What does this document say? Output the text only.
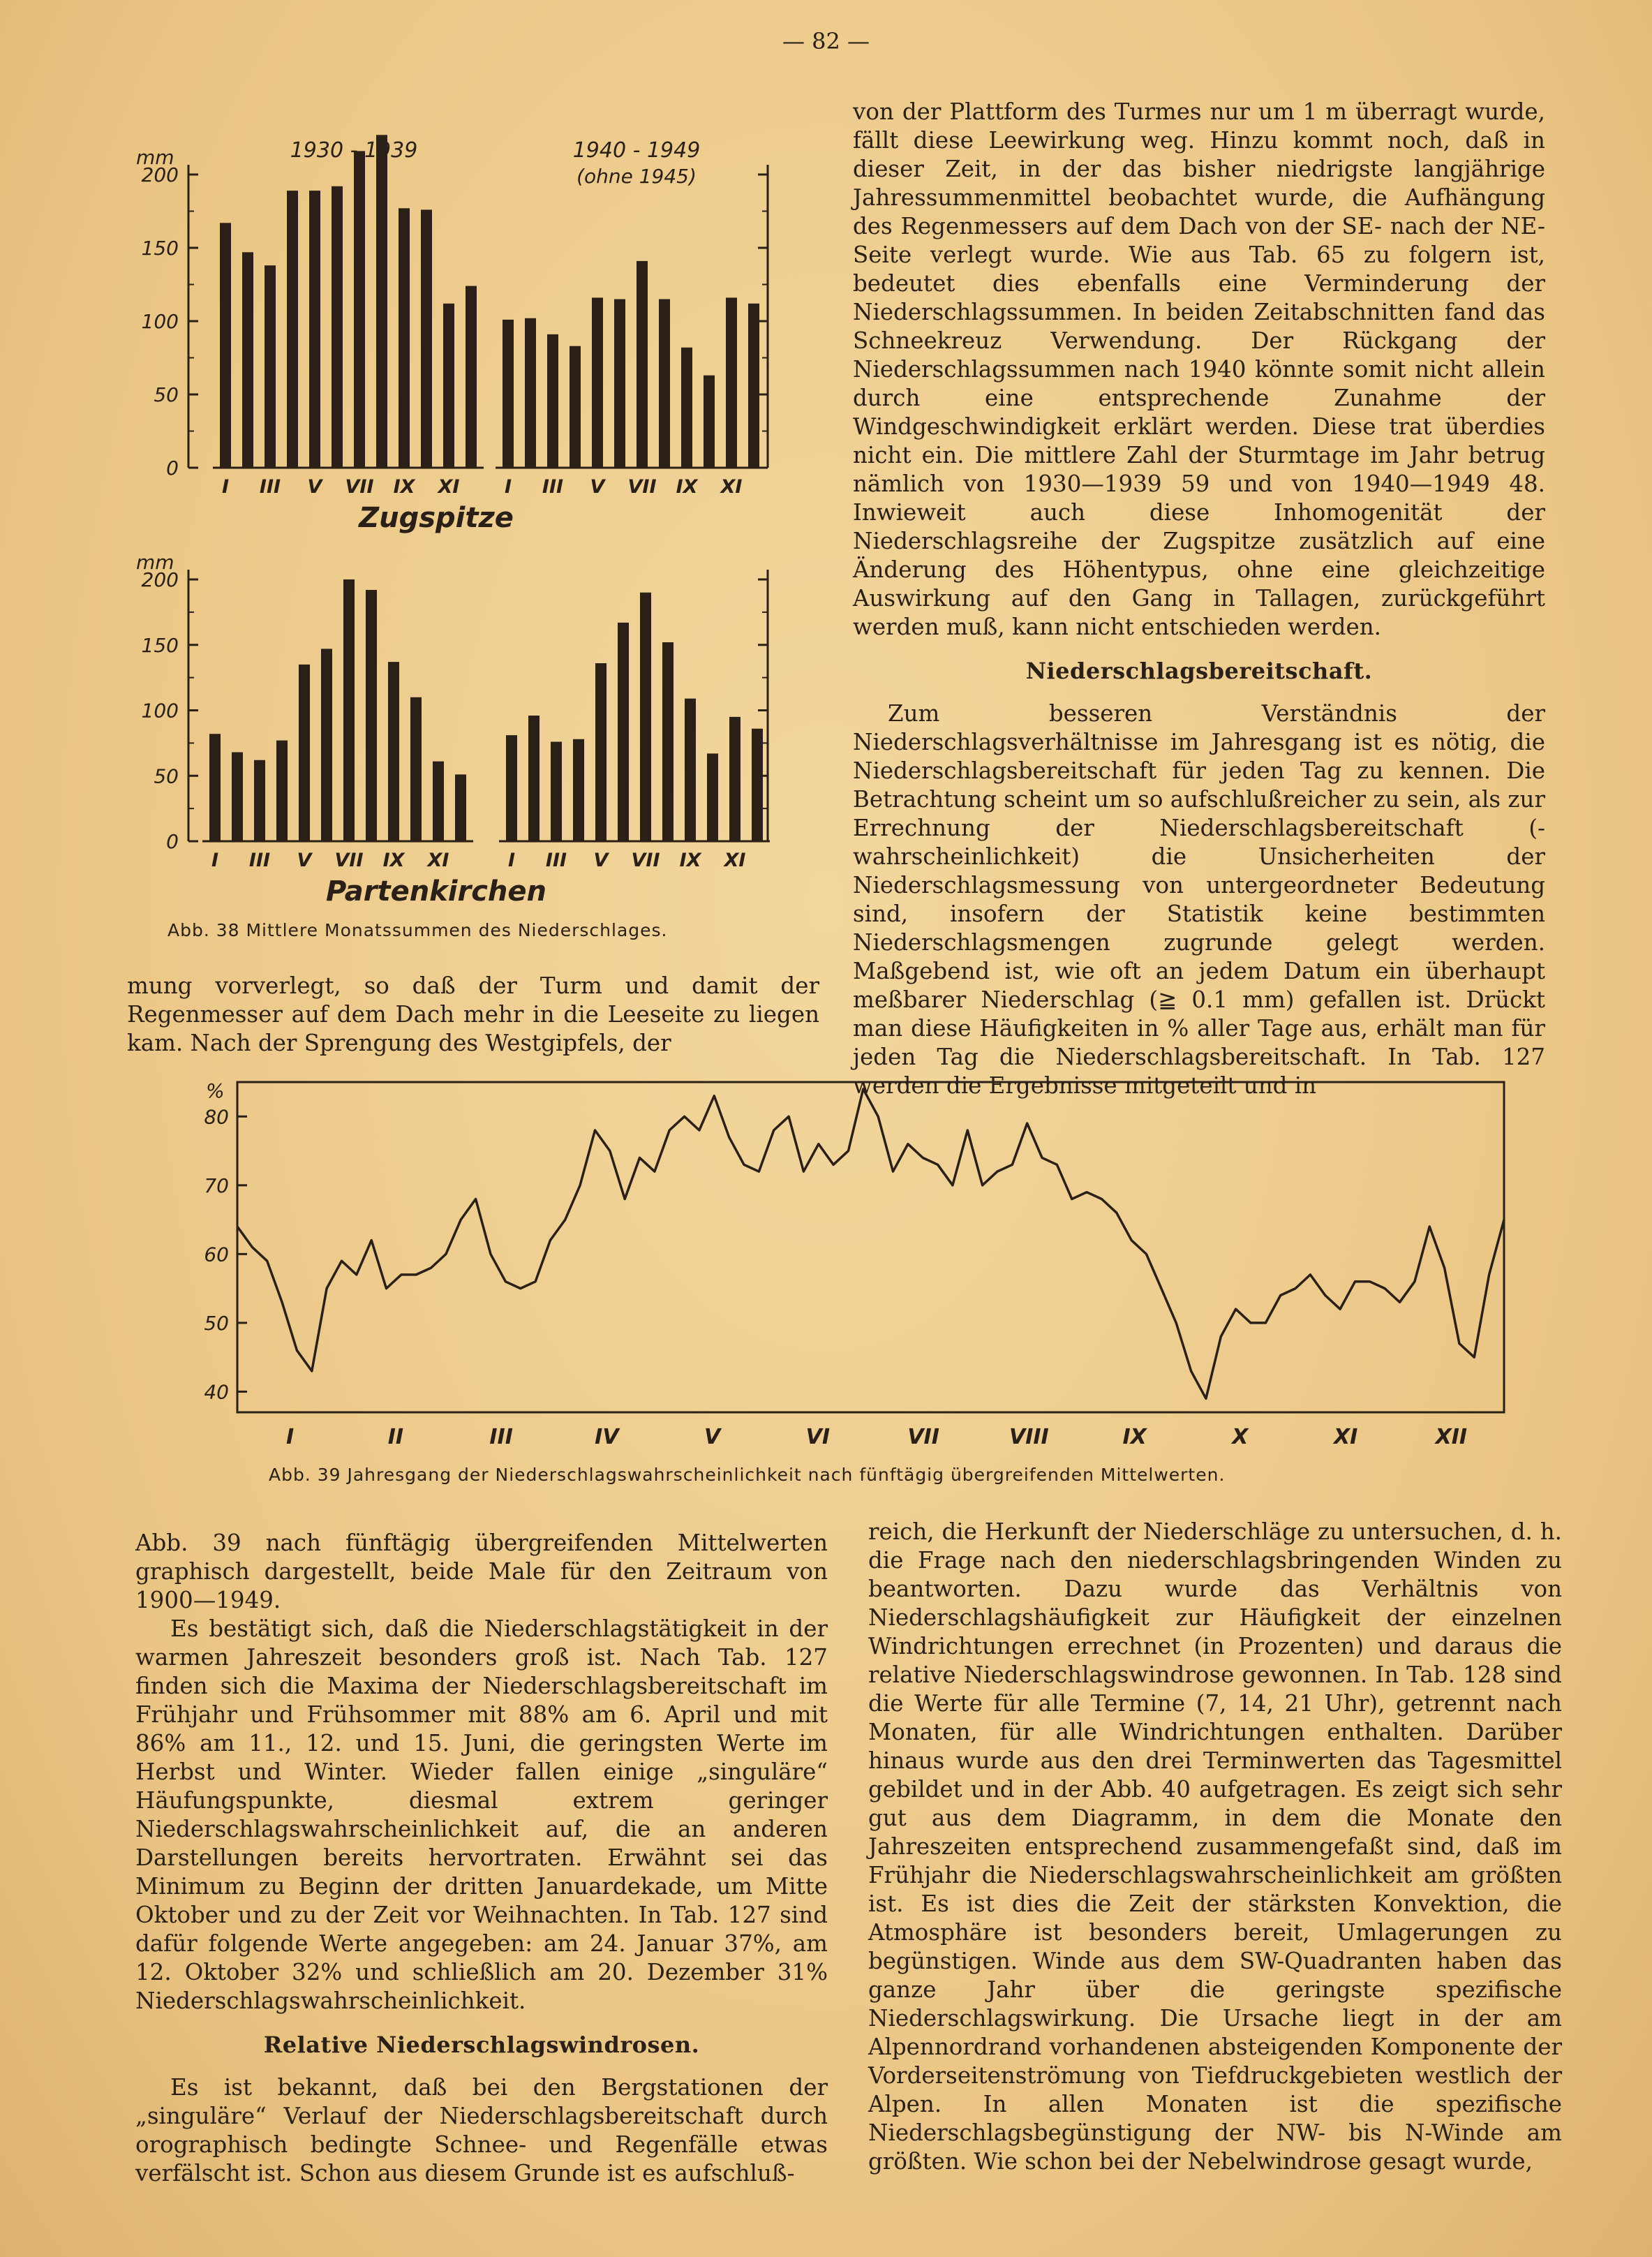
— 82 —
mm
0
50
100
150
200
I III V VII IX XI
1930 - 1939
I III V VII IX XI
1940 - 1949
(ohne 1945)
Zugspitze
mm
0
50
100
150
200
I III V VII IX XI	I III V VII IX XI
Partenkirchen
Abb. 38 Mittlere Monatssummen des Niederschlages.

mung vorverlegt, so daß der Turm und damit der Regenmesser auf dem Dach mehr in die Leeseite zu liegen kam. Nach der Sprengung des Westgipfels, der

von der Plattform des Turmes nur um 1 m überragt wurde, fällt diese Leewirkung weg. Hinzu kommt noch, daß in dieser Zeit, in der das bisher niedrigste langjährige Jahressummenmittel beobachtet wurde, die Aufhängung des Regenmessers auf dem Dach von der SE- nach der NE-Seite verlegt wurde. Wie aus Tab. 65 zu folgern ist, bedeutet dies ebenfalls eine Verminderung der Niederschlagssummen. In beiden Zeitabschnitten fand das Schneekreuz Verwendung. Der Rückgang der Niederschlagssummen nach 1940 könnte somit nicht allein durch eine entsprechende Zunahme der Windgeschwindigkeit erklärt werden. Diese trat überdies nicht ein. Die mittlere Zahl der Sturmtage im Jahr betrug nämlich von 1930—1939 59 und von 1940—1949 48. Inwieweit auch diese Inhomogenität der Niederschlagsreihe der Zugspitze zusätzlich auf eine Änderung des Höhentypus, ohne eine gleichzeitige Auswirkung auf den Gang in Tallagen, zurückgeführt werden muß, kann nicht entschieden werden.

Niederschlagsbereitschaft.

Zum besseren Verständnis der Niederschlagsverhältnisse im Jahresgang ist es nötig, die Niederschlagsbereitschaft für jeden Tag zu kennen. Die Betrachtung scheint um so aufschlußreicher zu sein, als zur Errechnung der Niederschlagsbereitschaft (-wahrscheinlichkeit) die Unsicherheiten der Niederschlagsmessung von untergeordneter Bedeutung sind, insofern der Statistik keine bestimmten Niederschlagsmengen zugrunde gelegt werden. Maßgebend ist, wie oft an jedem Datum ein überhaupt meßbarer Niederschlag (≧ 0.1 mm) gefallen ist. Drückt man diese Häufigkeiten in % aller Tage aus, erhält man für jeden Tag die Niederschlagsbereitschaft. In Tab. 127 werden die Ergebnisse mitgeteilt und in

%
40
50
60
70
80
I	II	III	IV	V	VI	VII	VIII	IX	X	XI	XII
Abb. 39 Jahresgang der Niederschlagswahrscheinlichkeit nach fünftägig übergreifenden Mittelwerten.

Abb. 39 nach fünftägig übergreifenden Mittelwerten graphisch dargestellt, beide Male für den Zeitraum von 1900—1949.

Es bestätigt sich, daß die Niederschlagstätigkeit in der warmen Jahreszeit besonders groß ist. Nach Tab. 127 finden sich die Maxima der Niederschlagsbereitschaft im Frühjahr und Frühsommer mit 88% am 6. April und mit 86% am 11., 12. und 15. Juni, die geringsten Werte im Herbst und Winter. Wieder fallen einige „singuläre“ Häufungspunkte, diesmal extrem geringer Niederschlagswahrscheinlichkeit auf, die an anderen Darstellungen bereits hervortraten. Erwähnt sei das Minimum zu Beginn der dritten Januardekade, um Mitte Oktober und zu der Zeit vor Weihnachten. In Tab. 127 sind dafür folgende Werte angegeben: am 24. Januar 37%, am 12. Oktober 32% und schließlich am 20. Dezember 31% Niederschlagswahrscheinlichkeit.

Relative Niederschlagswindrosen.

Es ist bekannt, daß bei den Bergstationen der „singuläre“ Verlauf der Niederschlagsbereitschaft durch orographisch bedingte Schnee- und Regenfälle etwas verfälscht ist. Schon aus diesem Grunde ist es aufschluß-

reich, die Herkunft der Niederschläge zu untersuchen, d. h. die Frage nach den niederschlagsbringenden Winden zu beantworten. Dazu wurde das Verhältnis von Niederschlagshäufigkeit zur Häufigkeit der einzelnen Windrichtungen errechnet (in Prozenten) und daraus die relative Niederschlagswindrose gewonnen. In Tab. 128 sind die Werte für alle Termine (7, 14, 21 Uhr), getrennt nach Monaten, für alle Windrichtungen enthalten. Darüber hinaus wurde aus den drei Terminwerten das Tagesmittel gebildet und in der Abb. 40 aufgetragen. Es zeigt sich sehr gut aus dem Diagramm, in dem die Monate den Jahreszeiten entsprechend zusammengefaßt sind, daß im Frühjahr die Niederschlagswahrscheinlichkeit am größten ist. Es ist dies die Zeit der stärksten Konvektion, die Atmosphäre ist besonders bereit, Umlagerungen zu begünstigen. Winde aus dem SW-Quadranten haben das ganze Jahr über die geringste spezifische Niederschlagswirkung. Die Ursache liegt in der am Alpennordrand vorhandenen absteigenden Komponente der Vorderseitenströmung von Tiefdruckgebieten westlich der Alpen. In allen Monaten ist die spezifische Niederschlagsbegünstigung der NW- bis N-Winde am größten. Wie schon bei der Nebelwindrose gesagt wurde,
